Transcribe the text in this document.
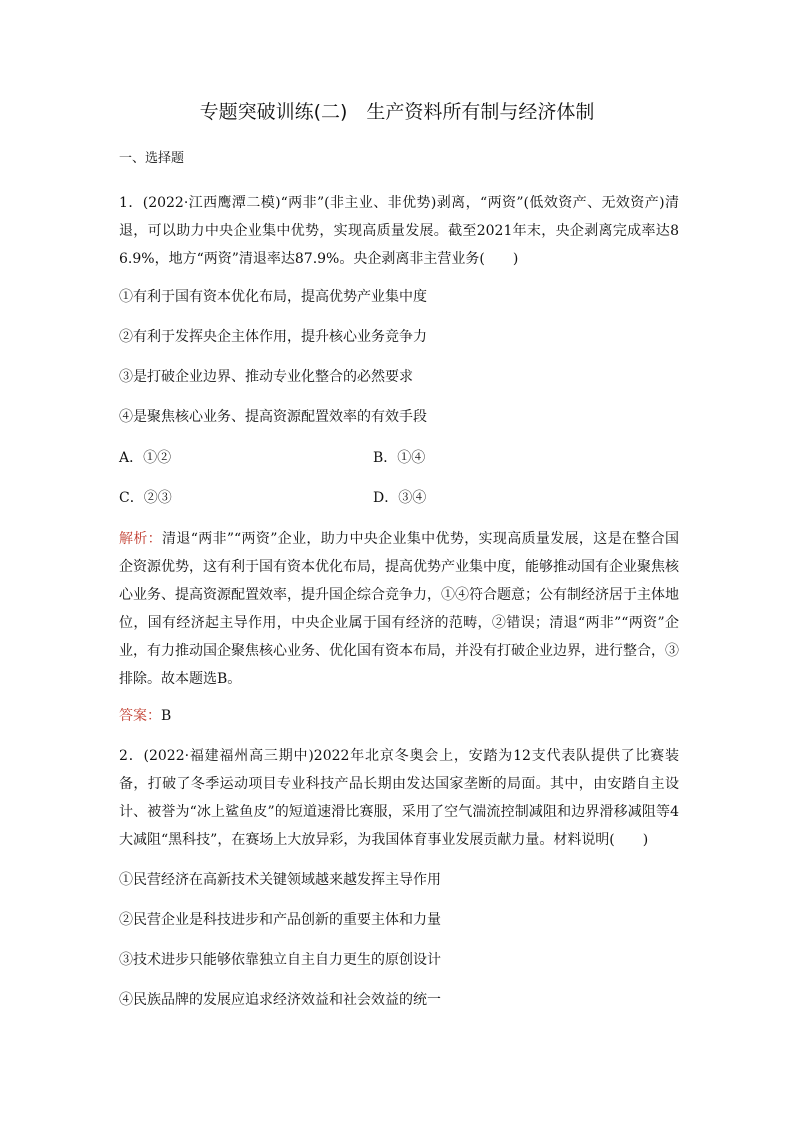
专题突破训练(二)　生产资料所有制与经济体制
一、选择题
1．(2022·江西鹰潭二模)“两非”(非主业、非优势)剥离，“两资”(低效资产、无效资产)清退，可以助力中央企业集中优势，实现高质量发展。截至2021年末，央企剥离完成率达86.9%，地方“两资”清退率达87.9%。央企剥离非主营业务(　　)
①有利于国有资本优化布局，提高优势产业集中度
②有利于发挥央企主体作用，提升核心业务竞争力
③是打破企业边界、推动专业化整合的必然要求
④是聚焦核心业务、提高资源配置效率的有效手段
A．①②	B．①④
C．②③	D．③④
解析：清退“两非”“两资”企业，助力中央企业集中优势，实现高质量发展，这是在整合国企资源优势，这有利于国有资本优化布局，提高优势产业集中度，能够推动国有企业聚焦核心业务、提高资源配置效率，提升国企综合竞争力，①④符合题意；公有制经济居于主体地位，国有经济起主导作用，中央企业属于国有经济的范畴，②错误；清退“两非”“两资”企业，有力推动国企聚焦核心业务、优化国有资本布局，并没有打破企业边界，进行整合，③排除。故本题选B。
答案：B
2．(2022·福建福州高三期中)2022年北京冬奥会上，安踏为12支代表队提供了比赛装备，打破了冬季运动项目专业科技产品长期由发达国家垄断的局面。其中，由安踏自主设计、被誉为“冰上鲨鱼皮”的短道速滑比赛服，采用了空气湍流控制减阻和边界滑移减阻等4大减阻“黑科技”，在赛场上大放异彩，为我国体育事业发展贡献力量。材料说明(　　)
①民营经济在高新技术关键领域越来越发挥主导作用
②民营企业是科技进步和产品创新的重要主体和力量
③技术进步只能够依靠独立自主自力更生的原创设计
④民族品牌的发展应追求经济效益和社会效益的统一
